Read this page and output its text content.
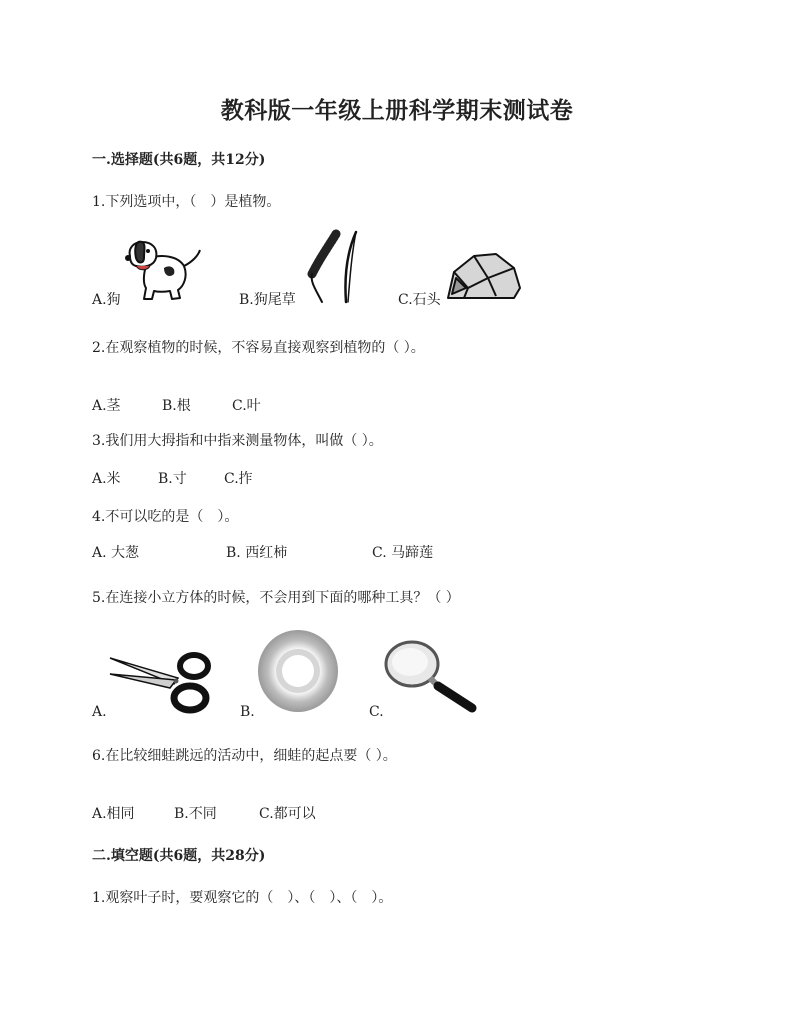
教科版一年级上册科学期末测试卷
一.选择题(共6题，共12分)
1.下列选项中，（　）是植物。
A.狗	B.狗尾草	C.石头
2.在观察植物的时候，不容易直接观察到植物的（ ）。
A.茎	B.根	C.叶
3.我们用大拇指和中指来测量物体，叫做（ ）。
A.米	B.寸	C.拃
4.不可以吃的是（　）。
A. 大葱	B. 西红柿	C. 马蹄莲
5.在连接小立方体的时候，不会用到下面的哪种工具？（ ）
A.	B.	C.
6.在比较细蛙跳远的活动中，细蛙的起点要（ ）。
A.相同	B.不同	C.都可以
二.填空题(共6题，共28分)
1.观察叶子时，要观察它的（　）、（　）、（　）。
